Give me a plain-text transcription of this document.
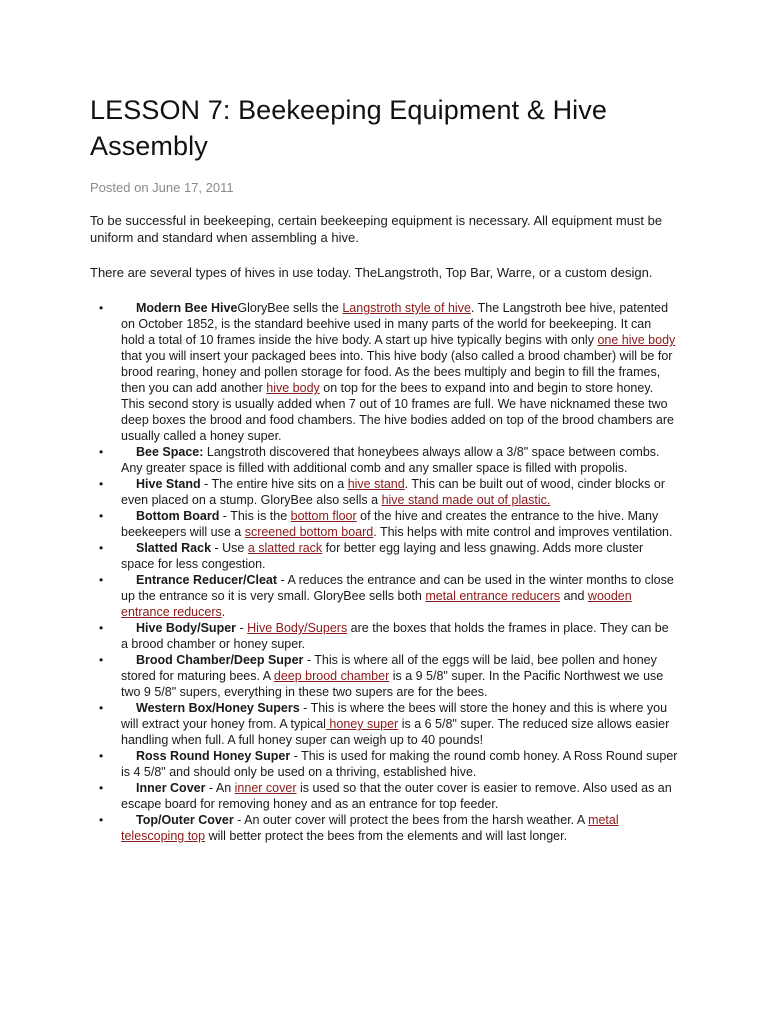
LESSON 7: Beekeeping Equipment & Hive Assembly
Posted on June 17, 2011

To be successful in beekeeping, certain beekeeping equipment is necessary. All equipment must be uniform and standard when assembling a hive.

There are several types of hives in use today. TheLangstroth, Top Bar, Warre, or a custom design.

•	Modern Bee HiveGloryBee sells the Langstroth style of hive. The Langstroth bee hive, patented on October 1852, is the standard beehive used in many parts of the world for beekeeping. It can hold a total of 10 frames inside the hive body. A start up hive typically begins with only one hive body that you will insert your packaged bees into. This hive body (also called a brood chamber) will be for brood rearing, honey and pollen storage for food. As the bees multiply and begin to fill the frames, then you can add another hive body on top for the bees to expand into and begin to store honey. This second story is usually added when 7 out of 10 frames are full. We have nicknamed these two deep boxes the brood and food chambers. The hive bodies added on top of the brood chambers are usually called a honey super.
•	Bee Space: Langstroth discovered that honeybees always allow a 3/8" space between combs. Any greater space is filled with additional comb and any smaller space is filled with propolis.
•	Hive Stand - The entire hive sits on a hive stand. This can be built out of wood, cinder blocks or even placed on a stump. GloryBee also sells a hive stand made out of plastic.
•	Bottom Board - This is the bottom floor of the hive and creates the entrance to the hive. Many beekeepers will use a screened bottom board. This helps with mite control and improves ventilation.
•	Slatted Rack - Use a slatted rack for better egg laying and less gnawing. Adds more cluster space for less congestion.
•	Entrance Reducer/Cleat - A reduces the entrance and can be used in the winter months to close up the entrance so it is very small. GloryBee sells both metal entrance reducers and wooden entrance reducers.
•	Hive Body/Super - Hive Body/Supers are the boxes that holds the frames in place. They can be a brood chamber or honey super.
•	Brood Chamber/Deep Super - This is where all of the eggs will be laid, bee pollen and honey stored for maturing bees. A deep brood chamber is a 9 5/8" super. In the Pacific Northwest we use two 9 5/8" supers, everything in these two supers are for the bees.
•	Western Box/Honey Supers - This is where the bees will store the honey and this is where you will extract your honey from. A typical honey super is a 6 5/8" super. The reduced size allows easier handling when full. A full honey super can weigh up to 40 pounds!
•	Ross Round Honey Super - This is used for making the round comb honey. A Ross Round super is 4 5/8" and should only be used on a thriving, established hive.
•	Inner Cover - An inner cover is used so that the outer cover is easier to remove. Also used as an escape board for removing honey and as an entrance for top feeder.
•	Top/Outer Cover - An outer cover will protect the bees from the harsh weather. A metal telescoping top will better protect the bees from the elements and will last longer.
